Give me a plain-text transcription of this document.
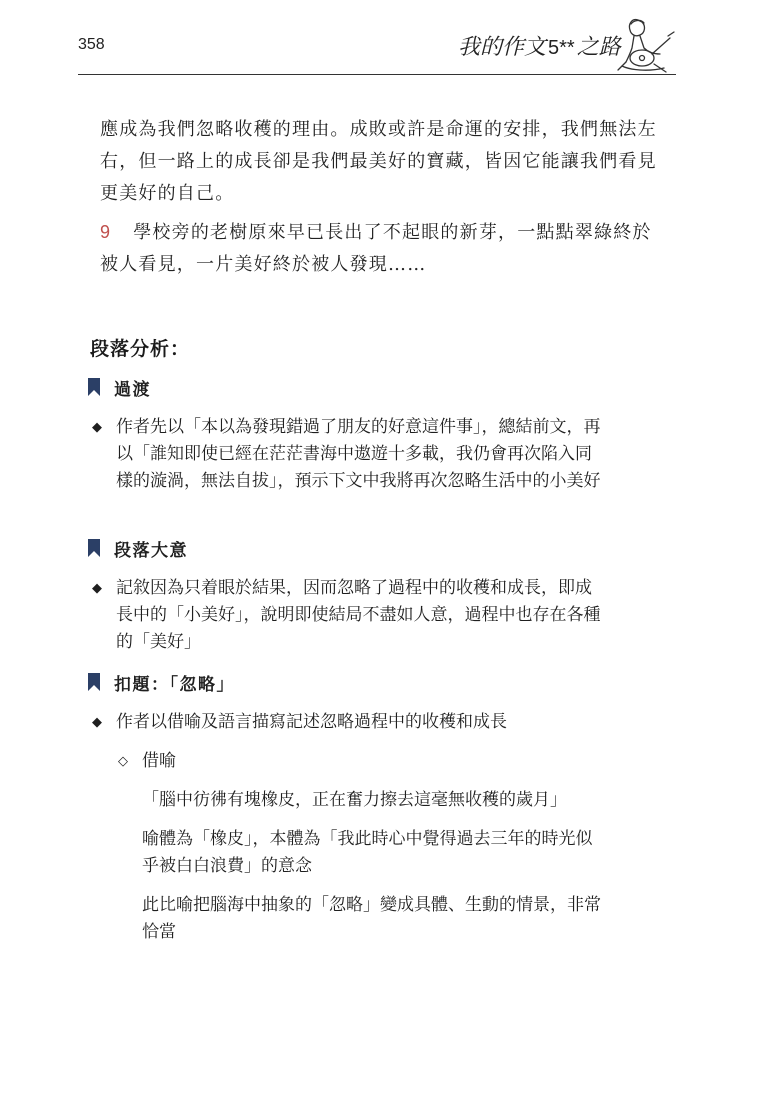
358	我的作文 5** 之路

應成為我們忽略收穫的理由。成敗或許是命運的安排，我們無法左右，但一路上的成長卻是我們最美好的寶藏，皆因它能讓我們看見更美好的自己。

9 學校旁的老樹原來早已長出了不起眼的新芽，一點點翠綠終於被人看見，一片美好終於被人發現……

段落分析：
過渡
◆ 作者先以「本以為發現錯過了朋友的好意這件事」，總結前文，再以「誰知即使已經在茫茫書海中遨遊十多載，我仍會再次陷入同樣的漩渦，無法自拔」，預示下文中我將再次忽略生活中的小美好
段落大意
◆ 記敘因為只着眼於結果，因而忽略了過程中的收穫和成長，即成長中的「小美好」，說明即使結局不盡如人意，過程中也存在各種的「美好」
扣題：「忽略」
◆ 作者以借喻及語言描寫記述忽略過程中的收穫和成長
◇ 借喻
「腦中彷彿有塊橡皮，正在奮力擦去這毫無收穫的歲月」
喻體為「橡皮」，本體為「我此時心中覺得過去三年的時光似乎被白白浪費」的意念
此比喻把腦海中抽象的「忽略」變成具體、生動的情景，非常恰當
